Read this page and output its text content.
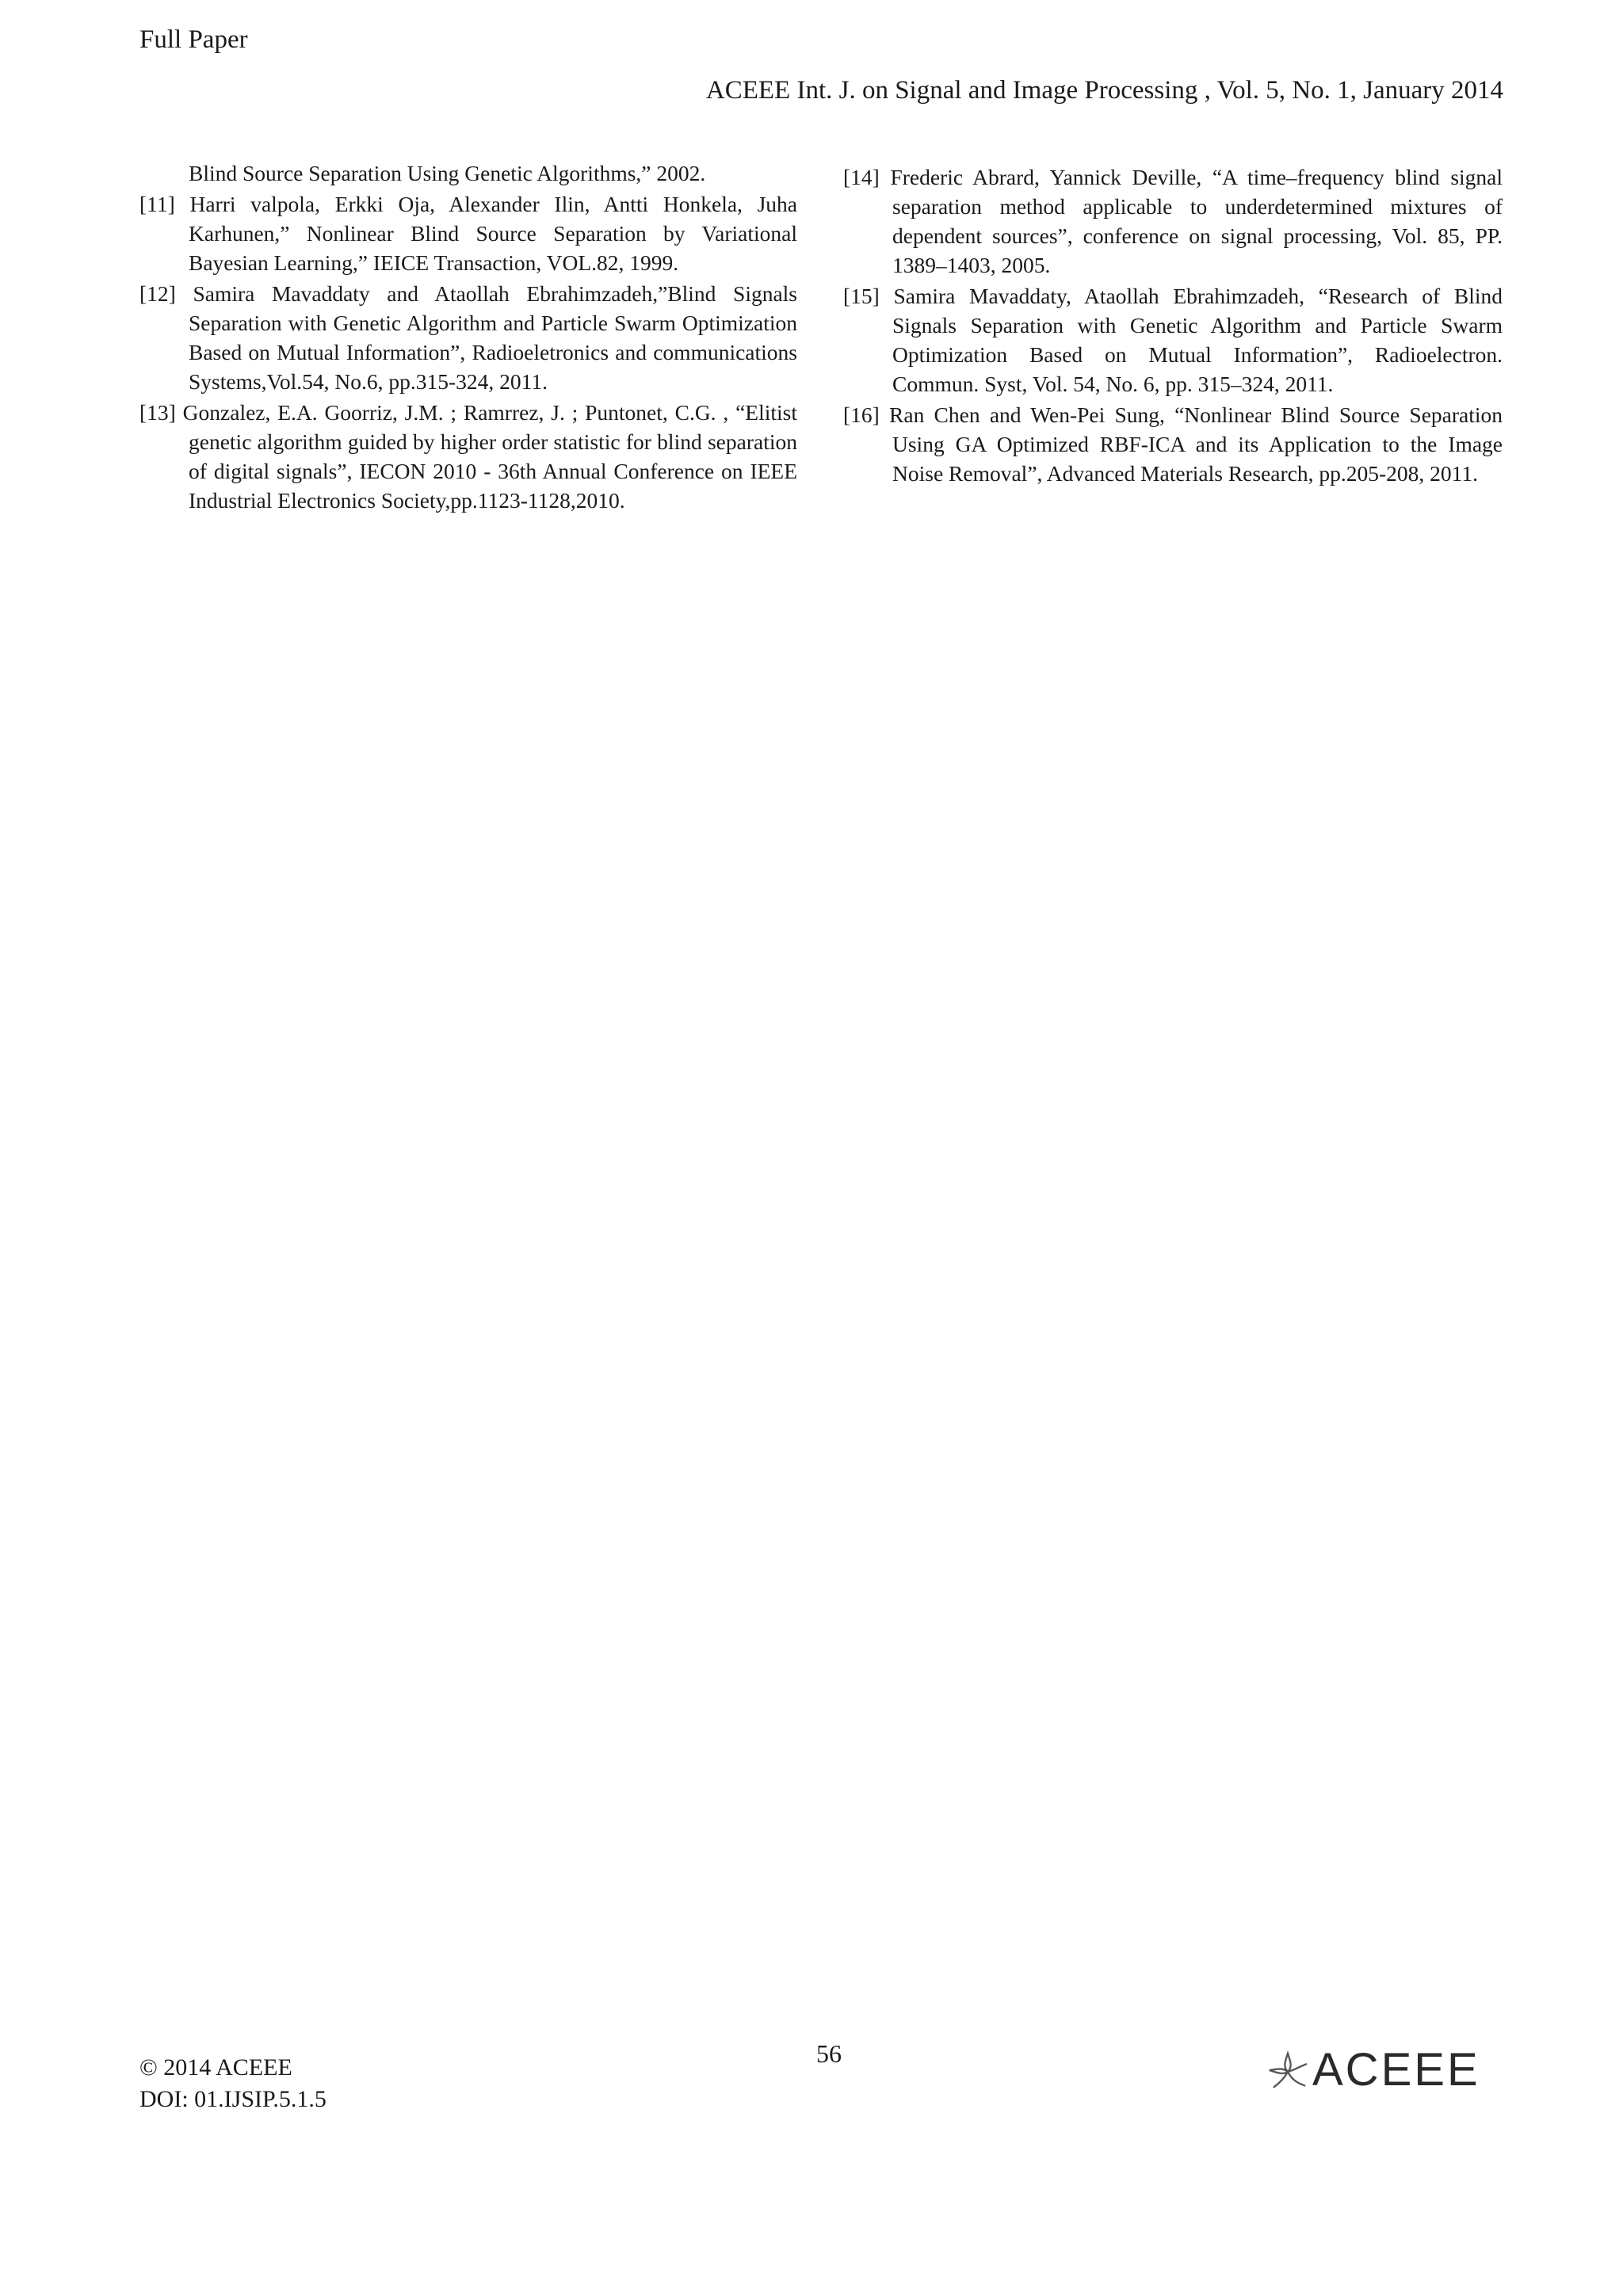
Full Paper
ACEEE Int. J. on Signal and Image Processing , Vol. 5, No. 1, January 2014

Blind Source Separation Using Genetic Algorithms,” 2002.

[11] Harri valpola, Erkki Oja, Alexander Ilin, Antti Honkela, Juha Karhunen,” Nonlinear Blind Source Separation by Variational Bayesian Learning,” IEICE Transaction, VOL.82, 1999.

[12] Samira Mavaddaty and Ataollah Ebrahimzadeh,”Blind Signals Separation with Genetic Algorithm and Particle Swarm Optimization Based on Mutual Information”, Radioeletronics and communications Systems,Vol.54, No.6, pp.315-324, 2011.

[13] Gonzalez, E.A. Goorriz, J.M. ; Ramrrez, J. ; Puntonet, C.G. , “Elitist genetic algorithm guided by higher order statistic for blind separation of digital signals”, IECON 2010 - 36th Annual Conference on IEEE Industrial Electronics Society,pp.1123-1128,2010.

[14] Frederic Abrard, Yannick Deville, “A time–frequency blind signal separation method applicable to underdetermined mixtures of dependent sources”, conference on signal processing, Vol. 85, PP. 1389–1403, 2005.

[15] Samira Mavaddaty, Ataollah Ebrahimzadeh, “Research of Blind Signals Separation with Genetic Algorithm and Particle Swarm Optimization Based on Mutual Information”, Radioelectron. Commun. Syst, Vol. 54, No. 6, pp. 315–324, 2011.

[16] Ran Chen and Wen-Pei Sung, “Nonlinear Blind Source Separation Using GA Optimized RBF-ICA and its Application to the Image Noise Removal”, Advanced Materials Research, pp.205-208, 2011.

© 2014 ACEEE
DOI: 01.IJSIP.5.1.5
56	ACEEE
